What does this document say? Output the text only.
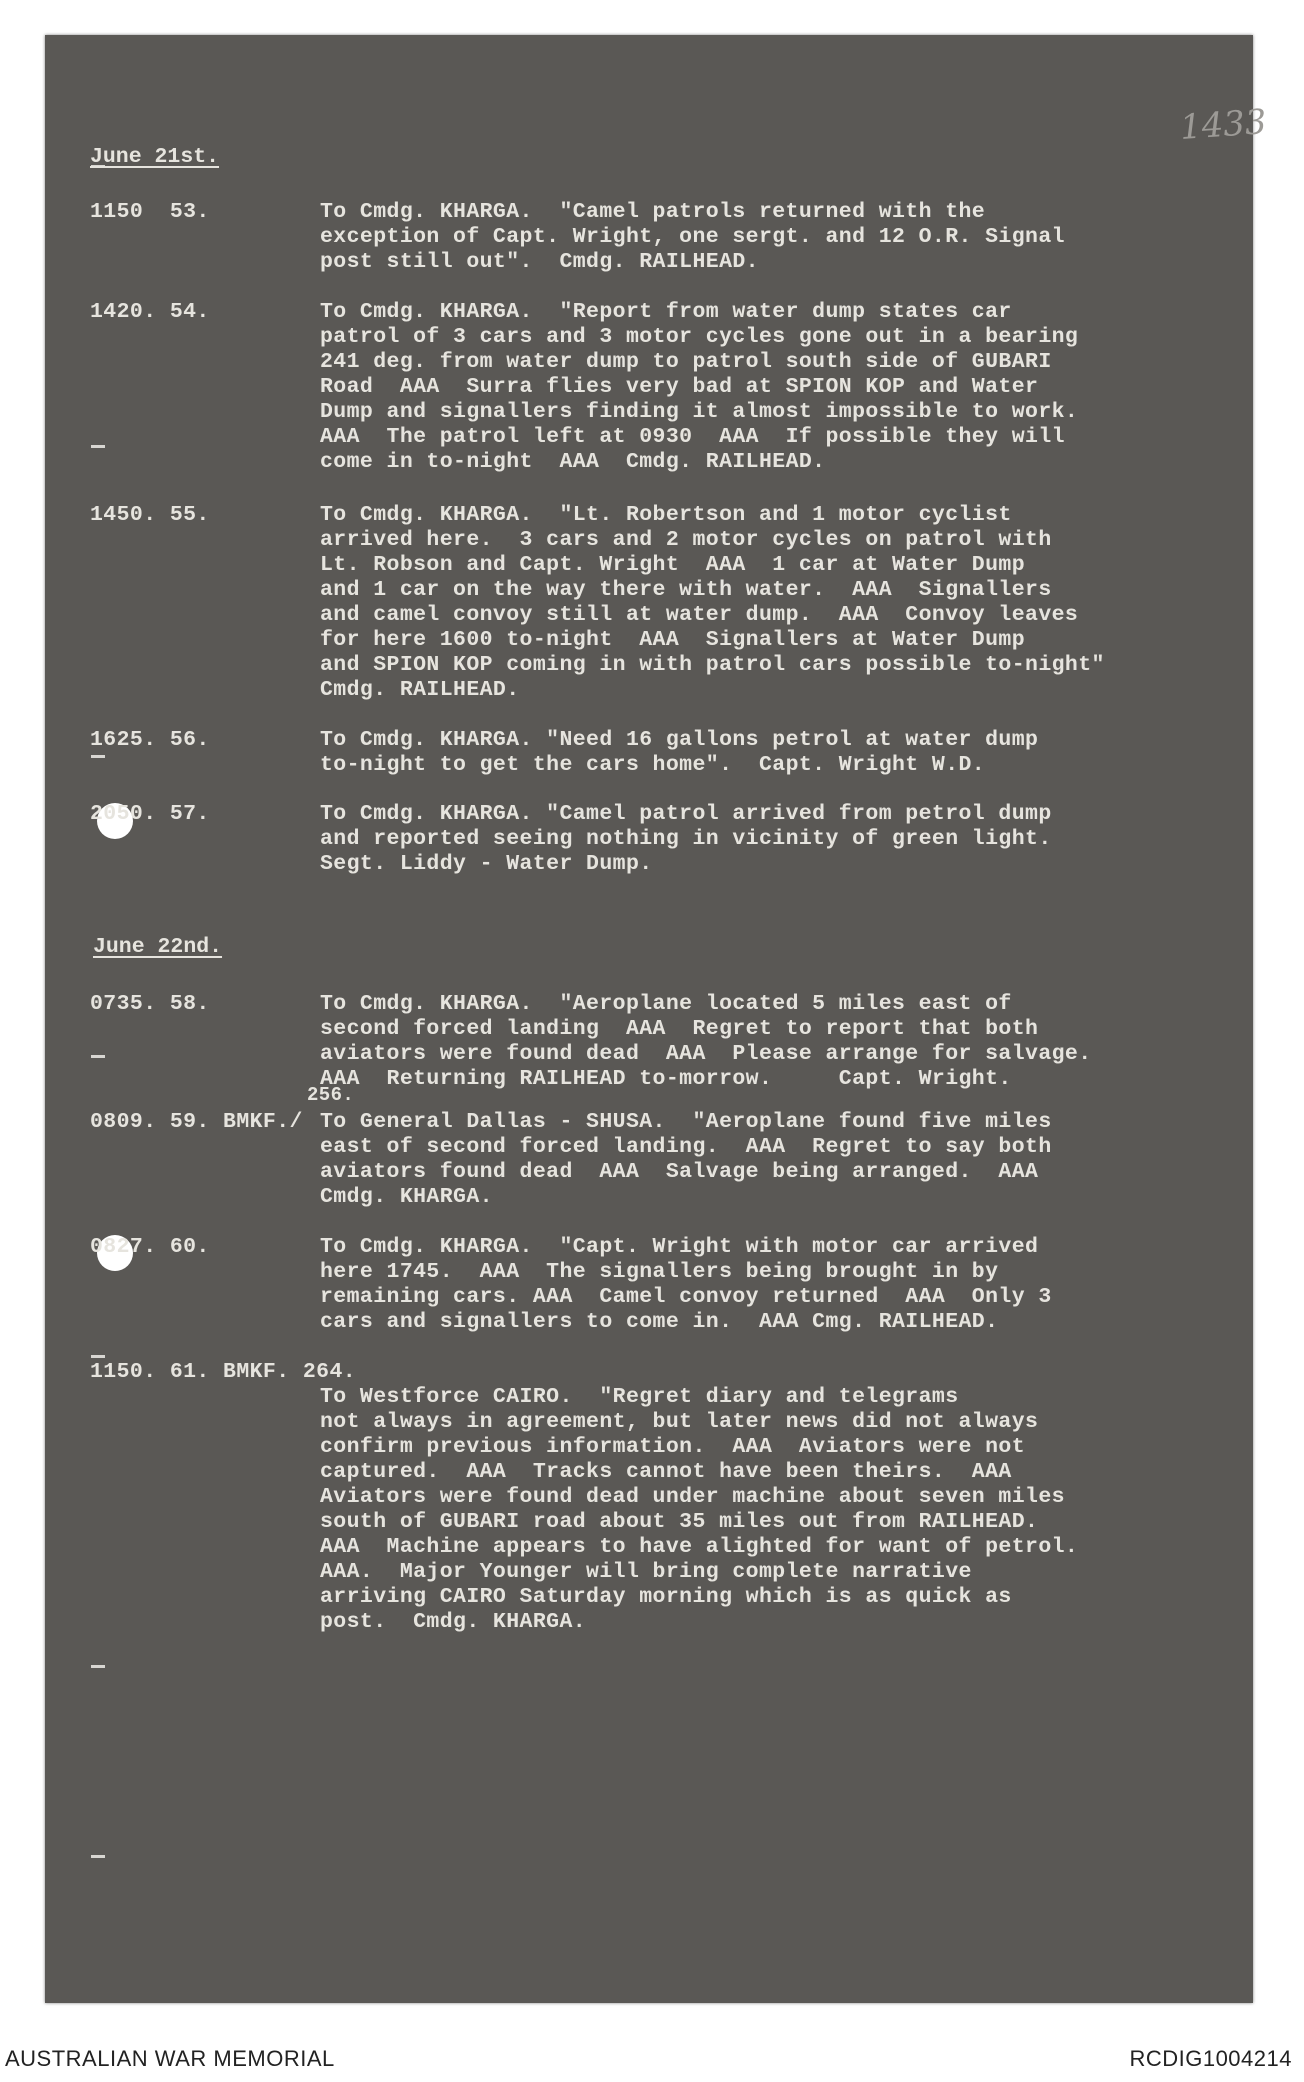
1433
June 21st.
1150  53.	To Cmdg. KHARGA.  "Camel patrols returned with the
exception of Capt. Wright, one sergt. and 12 O.R. Signal
post still out".  Cmdg. RAILHEAD.
1420. 54.	To Cmdg. KHARGA.  "Report from water dump states car
patrol of 3 cars and 3 motor cycles gone out in a bearing
241 deg. from water dump to patrol south side of GUBARI
Road  AAA  Surra flies very bad at SPION KOP and Water
Dump and signallers finding it almost impossible to work.
AAA  The patrol left at 0930  AAA  If possible they will
come in to-night  AAA  Cmdg. RAILHEAD.
1450. 55.	To Cmdg. KHARGA.  "Lt. Robertson and 1 motor cyclist
arrived here.  3 cars and 2 motor cycles on patrol with
Lt. Robson and Capt. Wright  AAA  1 car at Water Dump
and 1 car on the way there with water.  AAA  Signallers
and camel convoy still at water dump.  AAA  Convoy leaves
for here 1600 to-night  AAA  Signallers at Water Dump
and SPION KOP coming in with patrol cars possible to-night"
Cmdg. RAILHEAD.
1625. 56.	To Cmdg. KHARGA. "Need 16 gallons petrol at water dump
to-night to get the cars home".  Capt. Wright W.D.
2050. 57.	To Cmdg. KHARGA. "Camel patrol arrived from petrol dump
and reported seeing nothing in vicinity of green light.
Segt. Liddy - Water Dump.
June 22nd.
0735. 58.	To Cmdg. KHARGA.  "Aeroplane located 5 miles east of
second forced landing  AAA  Regret to report that both
aviators were found dead  AAA  Please arrange for salvage.
AAA  Returning RAILHEAD to-morrow.     Capt. Wright.
256.
0809. 59. BMKF./ To General Dallas - SHUSA.  "Aeroplane found five miles
east of second forced landing.  AAA  Regret to say both
aviators found dead  AAA  Salvage being arranged.  AAA
Cmdg. KHARGA.
0827. 60.	To Cmdg. KHARGA.  "Capt. Wright with motor car arrived
here 1745.  AAA  The signallers being brought in by
remaining cars. AAA  Camel convoy returned  AAA  Only 3
cars and signallers to come in.  AAA Cmg. RAILHEAD.
1150. 61. BMKF. 264.
To Westforce CAIRO.  "Regret diary and telegrams
not always in agreement, but later news did not always
confirm previous information.  AAA  Aviators were not
captured.  AAA  Tracks cannot have been theirs.  AAA
Aviators were found dead under machine about seven miles
south of GUBARI road about 35 miles out from RAILHEAD.
AAA  Machine appears to have alighted for want of petrol.
AAA.  Major Younger will bring complete narrative
arriving CAIRO Saturday morning which is as quick as
post.  Cmdg. KHARGA.
AUSTRALIAN WAR MEMORIAL	RCDIG1004214
